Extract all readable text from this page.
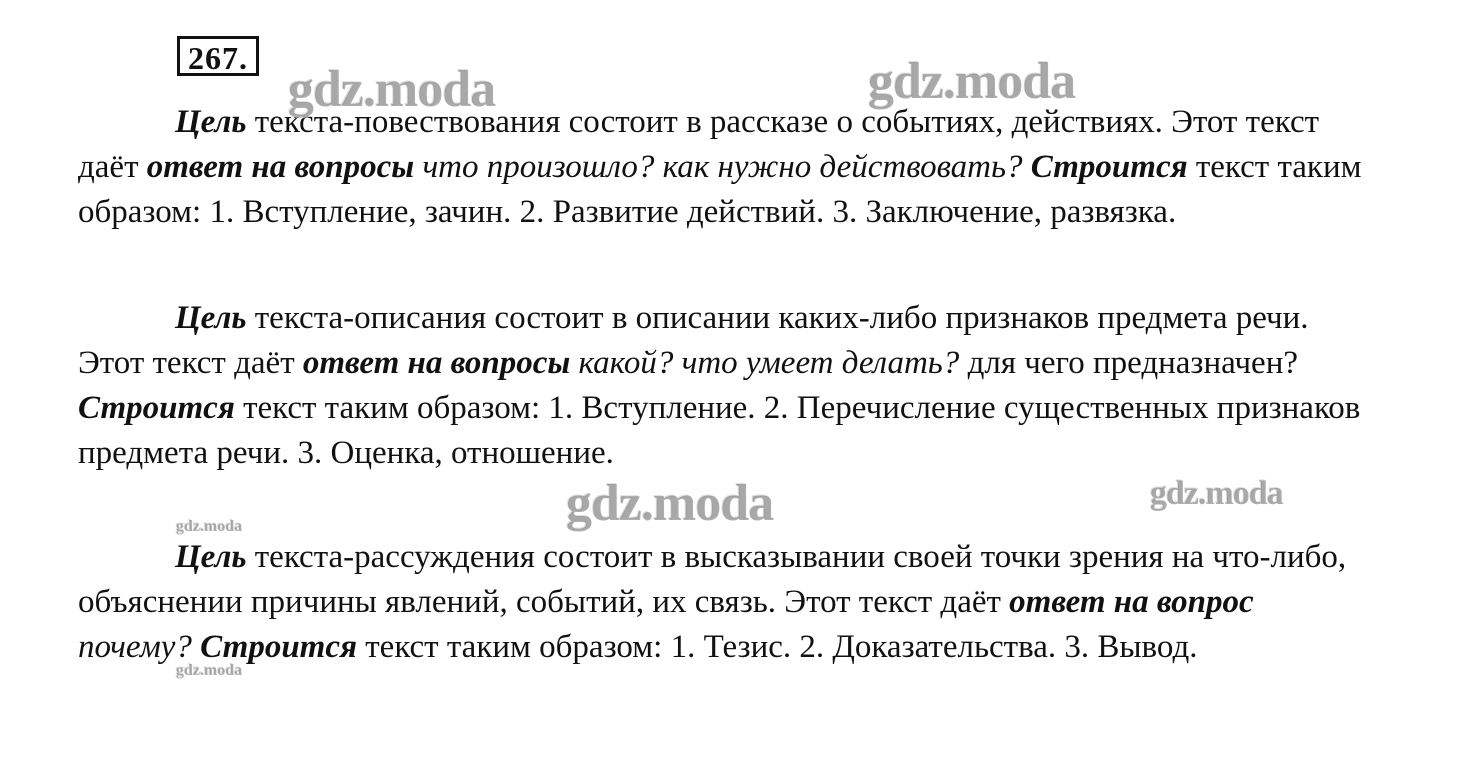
267.

Цель текста-повествования состоит в рассказе о событиях, действиях. Этот текст даёт ответ на вопросы что произошло? как нужно действовать? Строится текст таким образом: 1. Вступление, зачин. 2. Развитие действий. 3. Заключение, развязка.

Цель текста-описания состоит в описании каких-либо признаков предмета речи. Этот текст даёт ответ на вопросы какой? что умеет делать? для чего предназначен? Строится текст таким образом: 1. Вступление. 2. Перечисление существенных признаков предмета речи. 3. Оценка, отношение.

Цель текста-рассуждения состоит в высказывании своей точки зрения на что-либо, объяснении причины явлений, событий, их связь. Этот текст даёт ответ на вопрос почему? Строится текст таким образом: 1. Тезис. 2. Доказательства. 3. Вывод.

gdz.moda	gdz.moda
gdz.moda	gdz.moda
gdz.moda
gdz.moda
